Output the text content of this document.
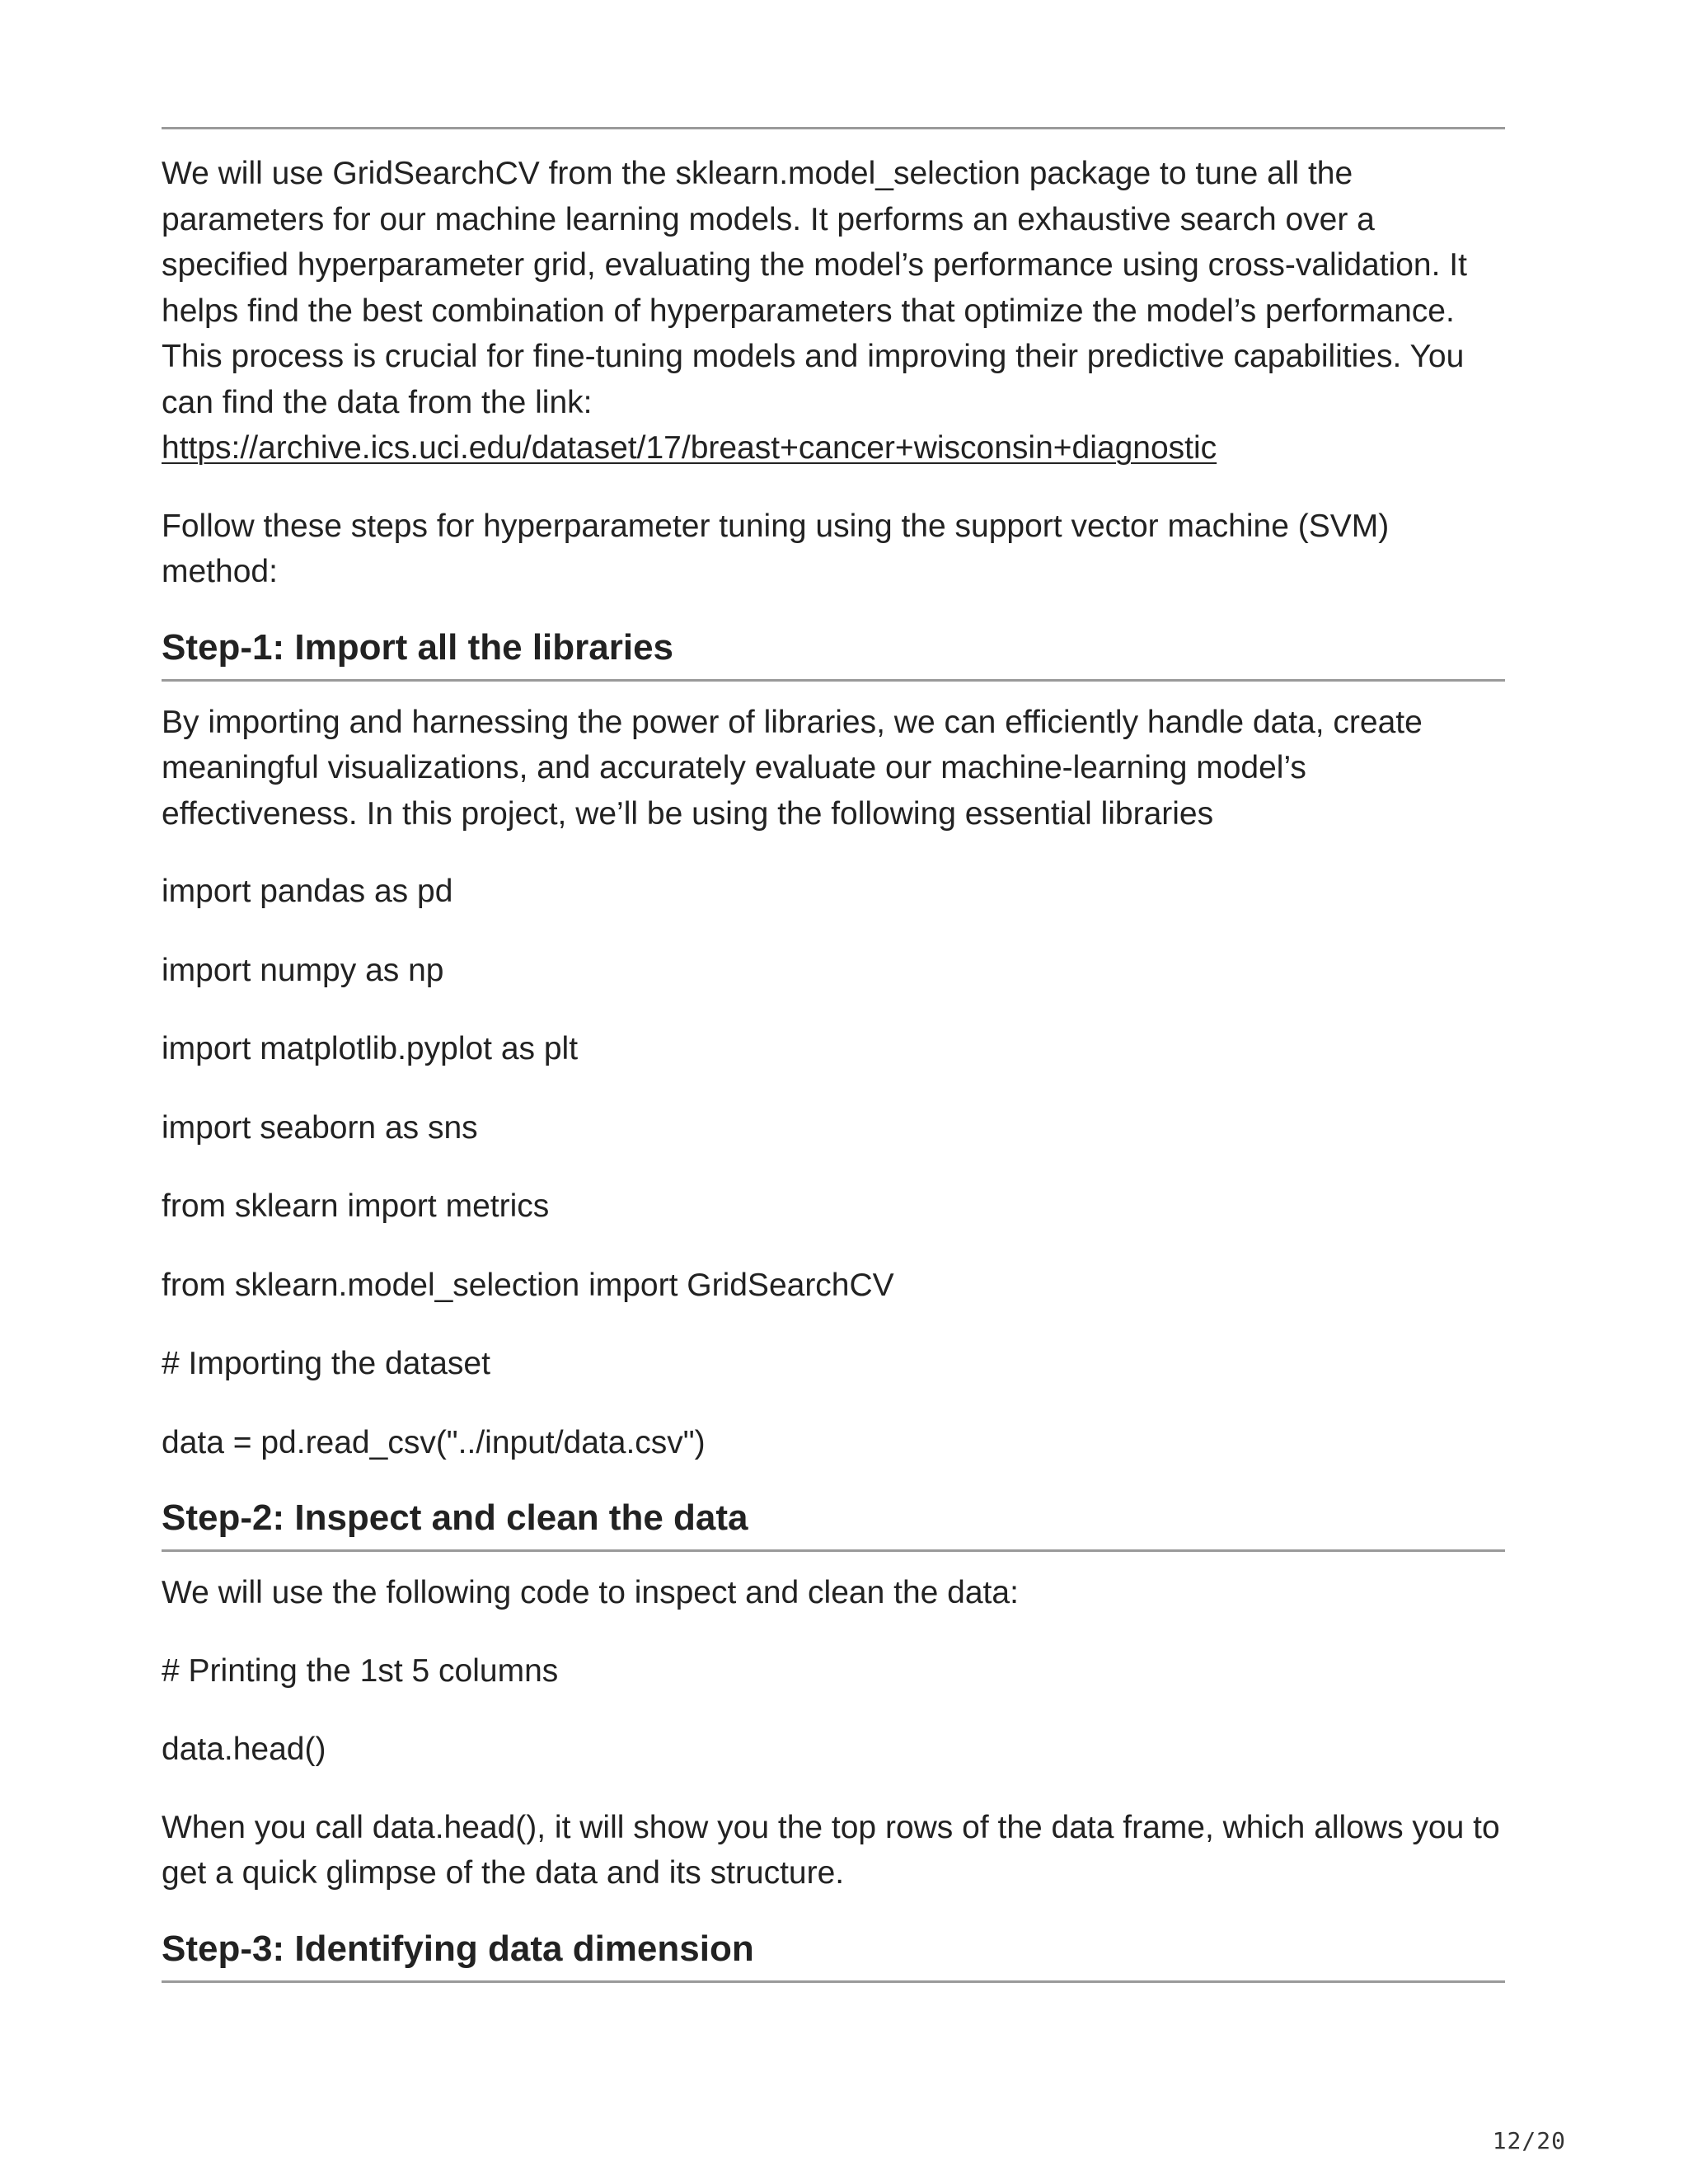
We will use GridSearchCV from the sklearn.model_selection package to tune all the parameters for our machine learning models. It performs an exhaustive search over a specified hyperparameter grid, evaluating the model’s performance using cross-validation. It helps find the best combination of hyperparameters that optimize the model’s performance. This process is crucial for fine-tuning models and improving their predictive capabilities. You can find the data from the link:

https://archive.ics.uci.edu/dataset/17/breast+cancer+wisconsin+diagnostic

Follow these steps for hyperparameter tuning using the support vector machine (SVM) method:

Step-1: Import all the libraries

By importing and harnessing the power of libraries, we can efficiently handle data, create meaningful visualizations, and accurately evaluate our machine-learning model’s effectiveness. In this project, we’ll be using the following essential libraries

import pandas as pd

import numpy as np

import matplotlib.pyplot as plt

import seaborn as sns

from sklearn import metrics

from sklearn.model_selection import GridSearchCV

# Importing the dataset

data = pd.read_csv("../input/data.csv")

Step-2: Inspect and clean the data

We will use the following code to inspect and clean the data:

# Printing the 1st 5 columns

data.head()

When you call data.head(), it will show you the top rows of the data frame, which allows you to get a quick glimpse of the data and its structure.

Step-3: Identifying data dimension
12/20
